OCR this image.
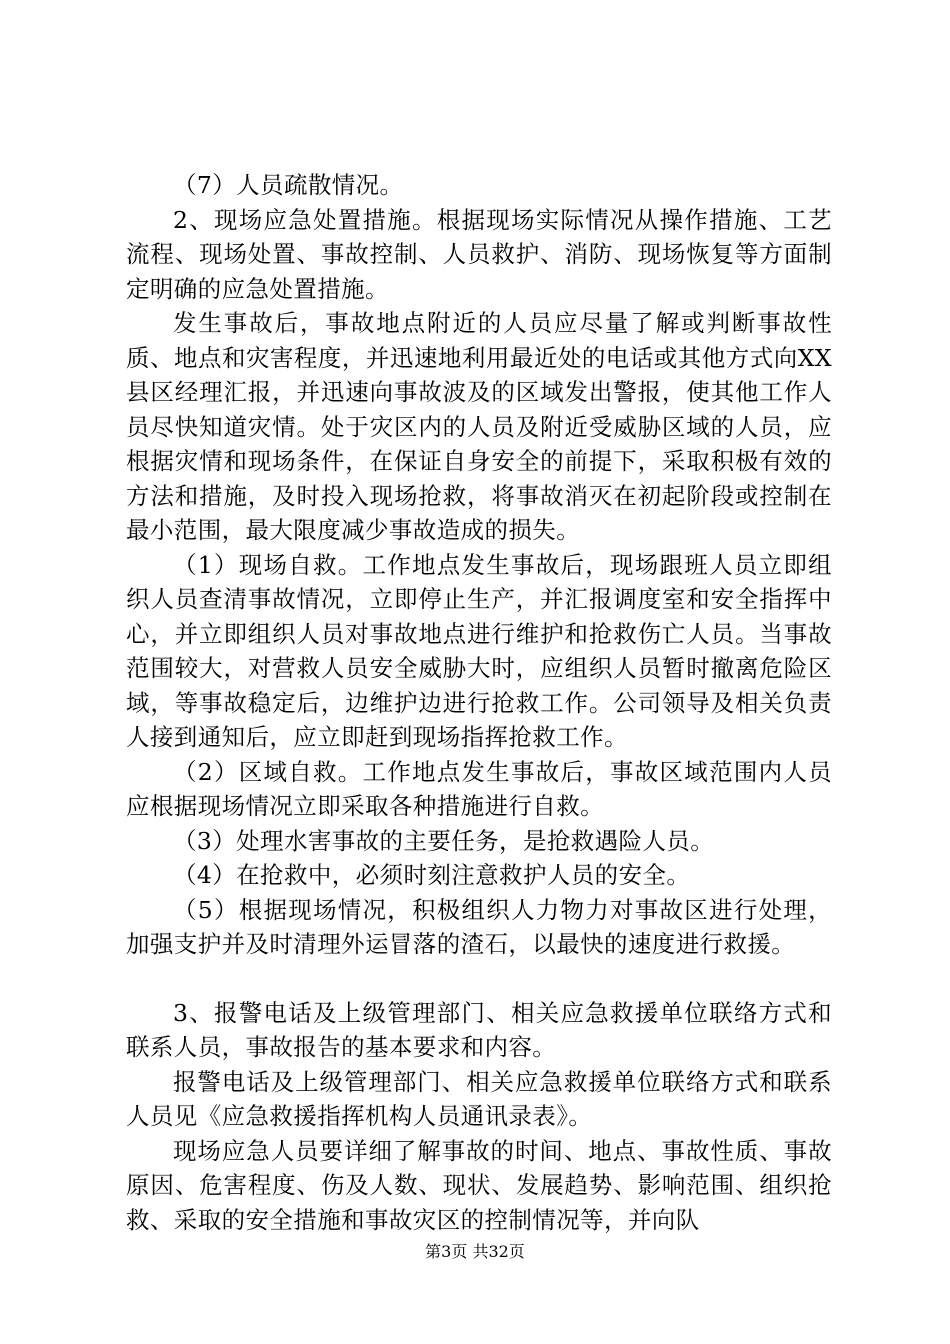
（7）人员疏散情况。

2、现场应急处置措施。根据现场实际情况从操作措施、工艺流程、现场处置、事故控制、人员救护、消防、现场恢复等方面制定明确的应急处置措施。

发生事故后，事故地点附近的人员应尽量了解或判断事故性质、地点和灾害程度，并迅速地利用最近处的电话或其他方式向XX县区经理汇报，并迅速向事故波及的区域发出警报，使其他工作人员尽快知道灾情。处于灾区内的人员及附近受威胁区域的人员，应根据灾情和现场条件，在保证自身安全的前提下，采取积极有效的方法和措施，及时投入现场抢救，将事故消灭在初起阶段或控制在最小范围，最大限度减少事故造成的损失。

（1）现场自救。工作地点发生事故后，现场跟班人员立即组织人员查清事故情况，立即停止生产，并汇报调度室和安全指挥中心，并立即组织人员对事故地点进行维护和抢救伤亡人员。当事故范围较大，对营救人员安全威胁大时，应组织人员暂时撤离危险区域，等事故稳定后，边维护边进行抢救工作。公司领导及相关负责人接到通知后，应立即赶到现场指挥抢救工作。

（2）区域自救。工作地点发生事故后，事故区域范围内人员应根据现场情况立即采取各种措施进行自救。

（3）处理水害事故的主要任务，是抢救遇险人员。

（4）在抢救中，必须时刻注意救护人员的安全。

（5）根据现场情况，积极组织人力物力对事故区进行处理，加强支护并及时清理外运冒落的渣石，以最快的速度进行救援。

3、报警电话及上级管理部门、相关应急救援单位联络方式和联系人员，事故报告的基本要求和内容。

报警电话及上级管理部门、相关应急救援单位联络方式和联系人员见《应急救援指挥机构人员通讯录表》。

现场应急人员要详细了解事故的时间、地点、事故性质、事故原因、危害程度、伤及人数、现状、发展趋势、影响范围、组织抢救、采取的安全措施和事故灾区的控制情况等，并向队

第3页 共32页
